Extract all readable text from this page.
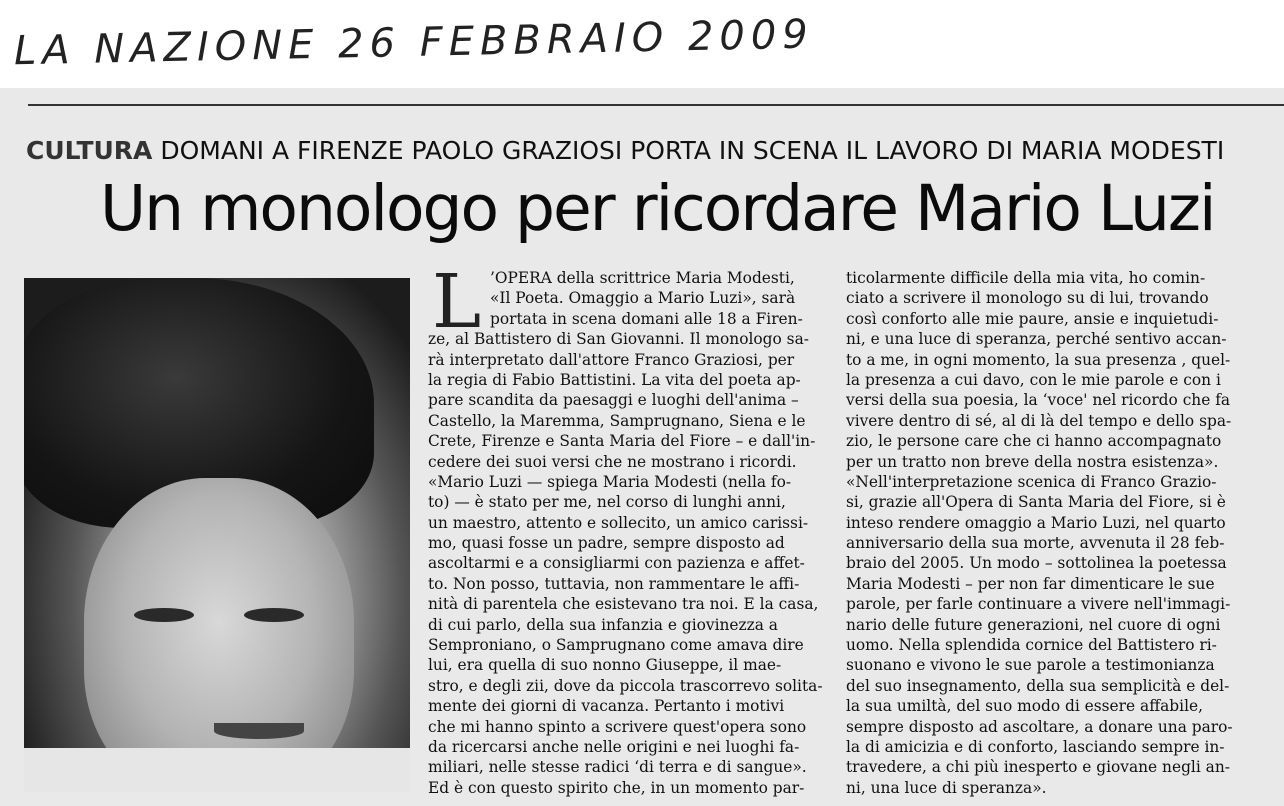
LA NAZIONE 26 FEBBRAIO 2009
CULTURA DOMANI A FIRENZE PAOLO GRAZIOSI PORTA IN SCENA IL LAVORO DI MARIA MODESTI
Un monologo per ricordare Mario Luzi
L ’OPERA della scrittrice Maria Modesti,
«Il Poeta. Omaggio a Mario Luzi», sarà
portata in scena domani alle 18 a Firen-
ze, al Battistero di San Giovanni. Il monologo sa-
rà interpretato dall'attore Franco Graziosi, per
la regia di Fabio Battistini. La vita del poeta ap-
pare scandita da paesaggi e luoghi dell'anima –
Castello, la Maremma, Samprugnano, Siena e le
Crete, Firenze e Santa Maria del Fiore – e dall'in-
cedere dei suoi versi che ne mostrano i ricordi.
«Mario Luzi — spiega Maria Modesti (nella fo-
to) — è stato per me, nel corso di lunghi anni,
un maestro, attento e sollecito, un amico carissi-
mo, quasi fosse un padre, sempre disposto ad
ascoltarmi e a consigliarmi con pazienza e affet-
to. Non posso, tuttavia, non rammentare le affi-
nità di parentela che esistevano tra noi. E la casa,
di cui parlo, della sua infanzia e giovinezza a
Semproniano, o Samprugnano come amava dire
lui, era quella di suo nonno Giuseppe, il mae-
stro, e degli zii, dove da piccola trascorrevo solita-
mente dei giorni di vacanza. Pertanto i motivi
che mi hanno spinto a scrivere quest'opera sono
da ricercarsi anche nelle origini e nei luoghi fa-
miliari, nelle stesse radici ‘di terra e di sangue».
Ed è con questo spirito che, in un momento par-
ticolarmente difficile della mia vita, ho comin-
ciato a scrivere il monologo su di lui, trovando
così conforto alle mie paure, ansie e inquietudi-
ni, e una luce di speranza, perché sentivo accan-
to a me, in ogni momento, la sua presenza , quel-
la presenza a cui davo, con le mie parole e con i
versi della sua poesia, la ‘voce' nel ricordo che fa
vivere dentro di sé, al di là del tempo e dello spa-
zio, le persone care che ci hanno accompagnato
per un tratto non breve della nostra esistenza».
«Nell'interpretazione scenica di Franco Grazio-
si, grazie all'Opera di Santa Maria del Fiore, si è
inteso rendere omaggio a Mario Luzi, nel quarto
anniversario della sua morte, avvenuta il 28 feb-
braio del 2005. Un modo – sottolinea la poetessa
Maria Modesti – per non far dimenticare le sue
parole, per farle continuare a vivere nell'immagi-
nario delle future generazioni, nel cuore di ogni
uomo. Nella splendida cornice del Battistero ri-
suonano e vivono le sue parole a testimonianza
del suo insegnamento, della sua semplicità e del-
la sua umiltà, del suo modo di essere affabile,
sempre disposto ad ascoltare, a donare una paro-
la di amicizia e di conforto, lasciando sempre in-
travedere, a chi più inesperto e giovane negli an-
ni, una luce di speranza».
